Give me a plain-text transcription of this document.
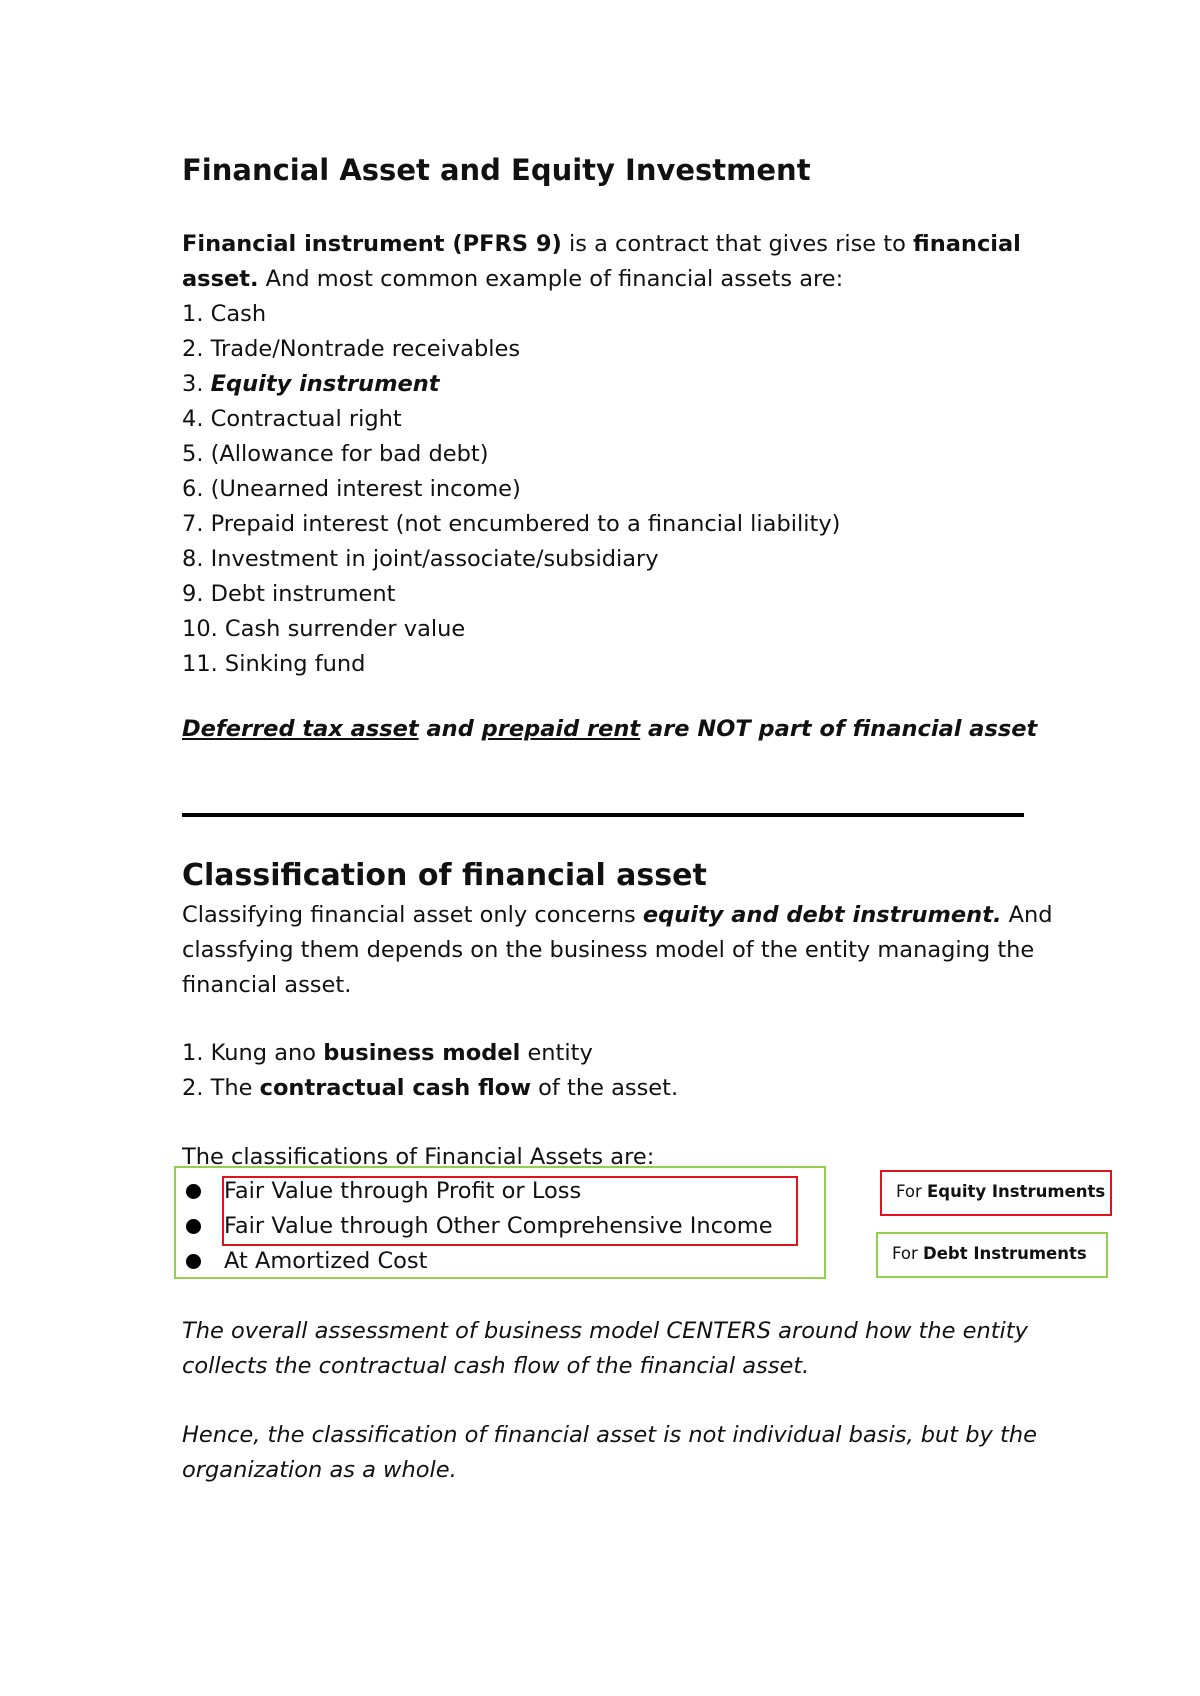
Financial Asset and Equity Investment
Financial instrument (PFRS 9) is a contract that gives rise to financial asset. And most common example of financial assets are:
1. Cash
2. Trade/Nontrade receivables
3. Equity instrument
4. Contractual right
5. (Allowance for bad debt)
6. (Unearned interest income)
7. Prepaid interest (not encumbered to a financial liability)
8. Investment in joint/associate/subsidiary
9. Debt instrument
10. Cash surrender value
11. Sinking fund
Deferred tax asset and prepaid rent are NOT part of financial asset
Classification of financial asset
Classifying financial asset only concerns equity and debt instrument. And classfying them depends on the business model of the entity managing the financial asset.
1. Kung ano business model entity
2. The contractual cash flow of the asset.
The classifications of Financial Assets are:
Fair Value through Profit or Loss
Fair Value through Other Comprehensive Income
At Amortized Cost
For Equity Instruments
For Debt Instruments
The overall assessment of business model CENTERS around how the entity collects the contractual cash flow of the financial asset.
Hence, the classification of financial asset is not individual basis, but by the organization as a whole.
